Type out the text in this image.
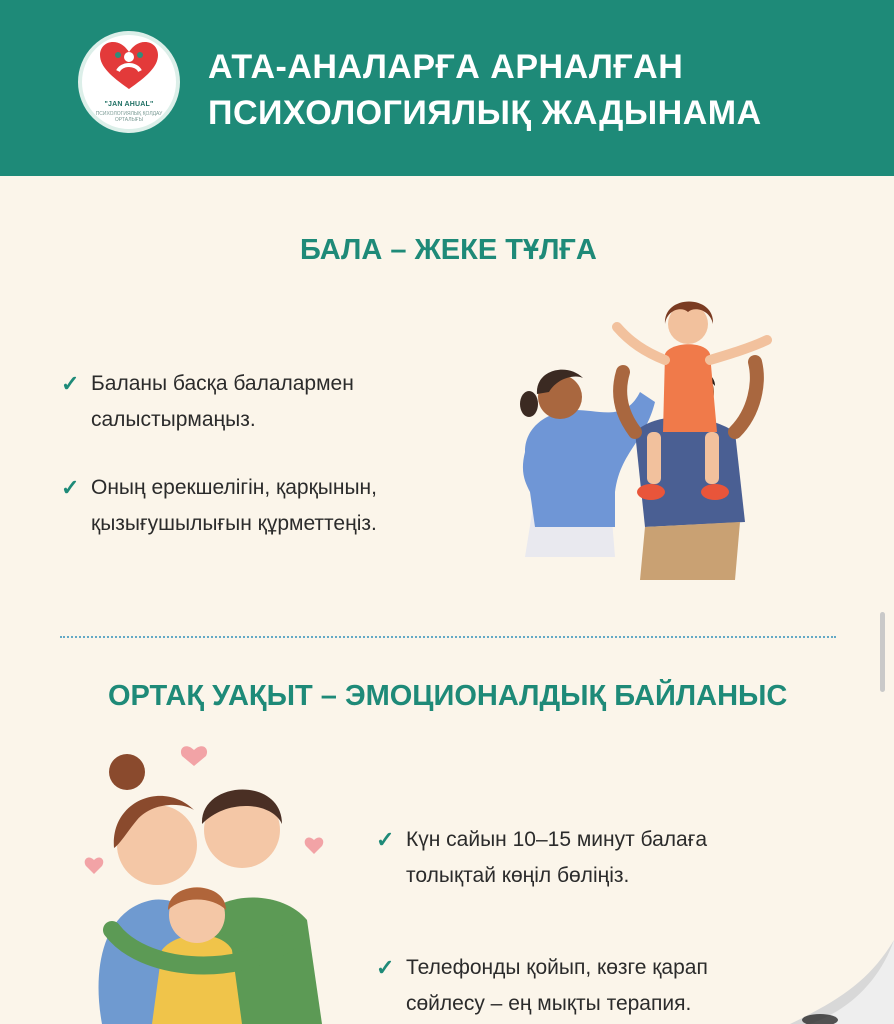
"JAN AHUAL"
ПСИХОЛОГИЯЛЫҚ ҚОЛДАУ ОРТАЛЫҒЫ
АТА-АНАЛАРҒА АРНАЛҒАН
ПСИХОЛОГИЯЛЫҚ ЖАДЫНАМА
БАЛА – ЖЕКЕ ТҰЛҒА
✓ Баланы басқа балалармен салыстырмаңыз.
✓ Оның ерекшелігін, қарқынын, қызығушылығын құрметтеңіз.
ОРТАҚ УАҚЫТ – ЭМОЦИОНАЛДЫҚ БАЙЛАНЫС
✓ Күн сайын 10–15 минут балаға толықтай көңіл бөліңіз.
✓ Телефонды қойып, көзге қарап сөйлесу – ең мықты терапия.
